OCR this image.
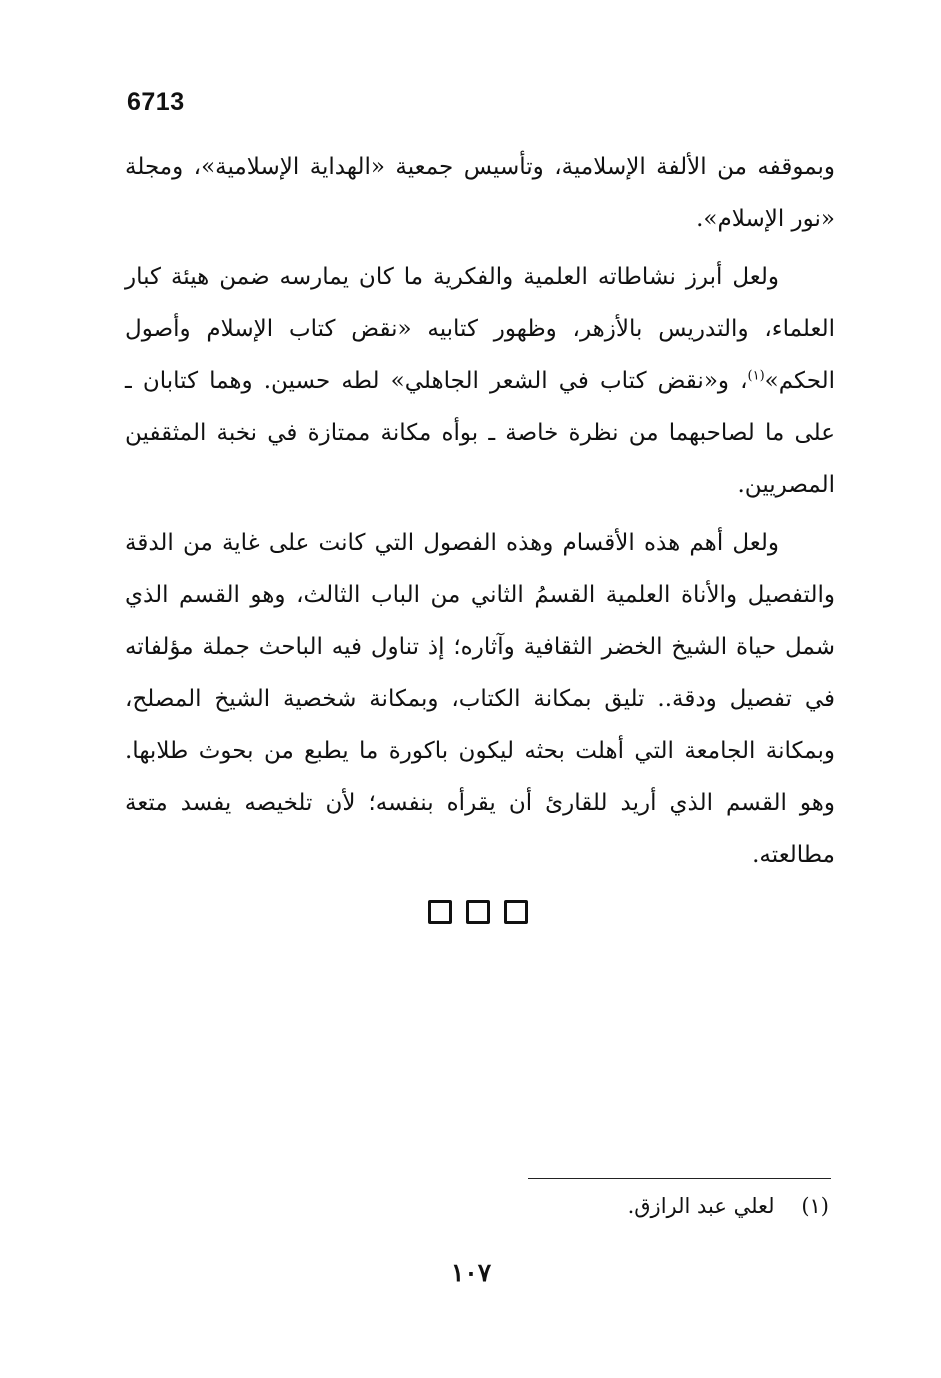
6713

وبموقفه من الألفة الإسلامية، وتأسيس جمعية «الهداية الإسلامية»، ومجلة «نور الإسلام».

ولعل أبرز نشاطاته العلمية والفكرية ما كان يمارسه ضمن هيئة كبار العلماء، والتدريس بالأزهر، وظهور كتابيه «نقض كتاب الإسلام وأصول الحكم»$^{(١)}$، و«نقض كتاب في الشعر الجاهلي» لطه حسين. وهما كتابان ـ على ما لصاحبهما من نظرة خاصة ـ بوأه مكانة ممتازة في نخبة المثقفين المصريين.

ولعل أهم هذه الأقسام وهذه الفصول التي كانت على غاية من الدقة والتفصيل والأناة العلمية القسمُ الثاني من الباب الثالث، وهو القسم الذي شمل حياة الشيخ الخضر الثقافية وآثاره؛ إذ تناول فيه الباحث جملة مؤلفاته في تفصيل ودقة.. تليق بمكانة الكتاب، وبمكانة شخصية الشيخ المصلح، وبمكانة الجامعة التي أهلت بحثه ليكون باكورة ما يطبع من بحوث طلابها. وهو القسم الذي أريد للقارئ أن يقرأه بنفسه؛ لأن تلخيصه يفسد متعة مطالعته.

(١)    لعلي عبد الرازق.
١٠٧
